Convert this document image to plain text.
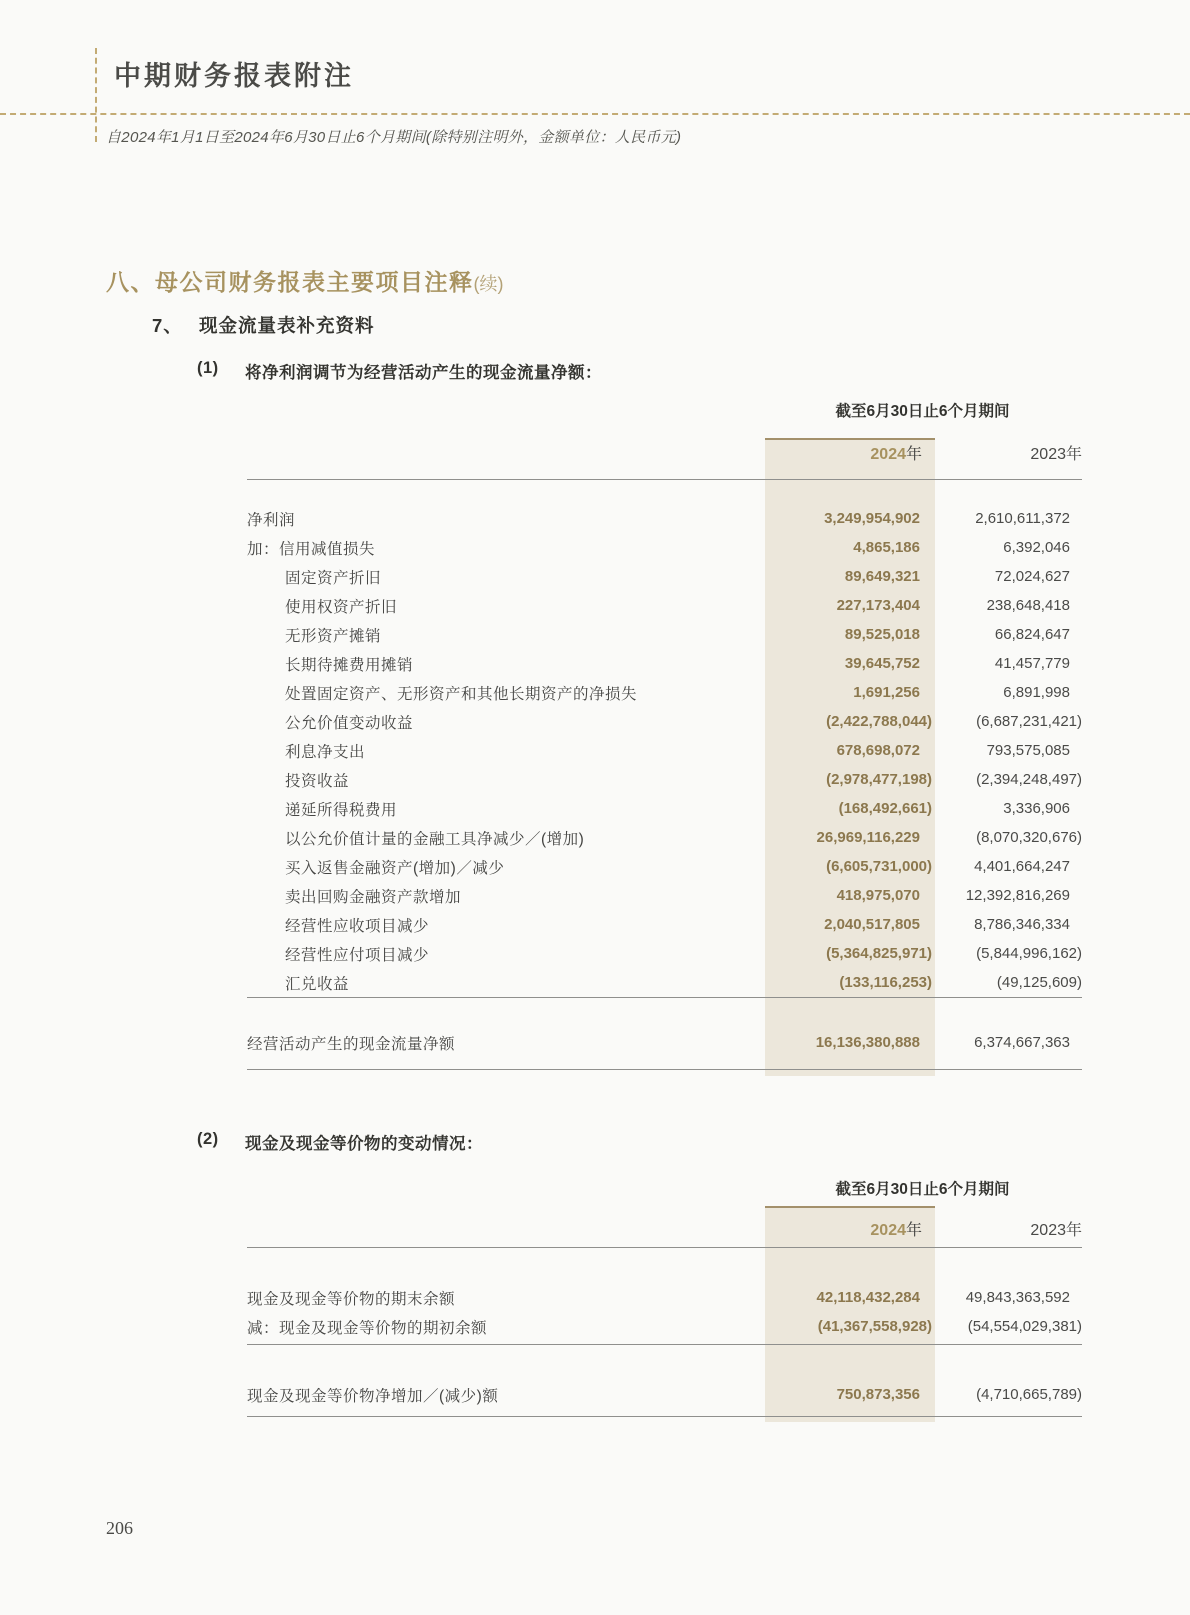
中期财务报表附注
自2024年1月1日至2024年6月30日止6个月期间(除特别注明外，金额单位：人民币元)
八、母公司财务报表主要项目注释(续)
7、 现金流量表补充资料
(1)	将净利润调节为经营活动产生的现金流量净额：
截至6月30日止6个月期间
2024年	2023年
净利润	3,249,954,902	2,610,611,372
加：信用减值损失	4,865,186	6,392,046
固定资产折旧	89,649,321	72,024,627
使用权资产折旧	227,173,404	238,648,418
无形资产摊销	89,525,018	66,824,647
长期待摊费用摊销	39,645,752	41,457,779
处置固定资产、无形资产和其他长期资产的净损失	1,691,256	6,891,998
公允价值变动收益	(2,422,788,044)	(6,687,231,421)
利息净支出	678,698,072	793,575,085
投资收益	(2,978,477,198)	(2,394,248,497)
递延所得税费用	(168,492,661)	3,336,906
以公允价值计量的金融工具净减少／(增加)	26,969,116,229	(8,070,320,676)
买入返售金融资产(增加)／减少	(6,605,731,000)	4,401,664,247
卖出回购金融资产款增加	418,975,070	12,392,816,269
经营性应收项目减少	2,040,517,805	8,786,346,334
经营性应付项目减少	(5,364,825,971)	(5,844,996,162)
汇兑收益	(133,116,253)	(49,125,609)
经营活动产生的现金流量净额	16,136,380,888	6,374,667,363
(2)	现金及现金等价物的变动情况：
截至6月30日止6个月期间
2024年	2023年
现金及现金等价物的期末余额	42,118,432,284	49,843,363,592
减：现金及现金等价物的期初余额	(41,367,558,928)	(54,554,029,381)
现金及现金等价物净增加／(减少)额	750,873,356	(4,710,665,789)
206
